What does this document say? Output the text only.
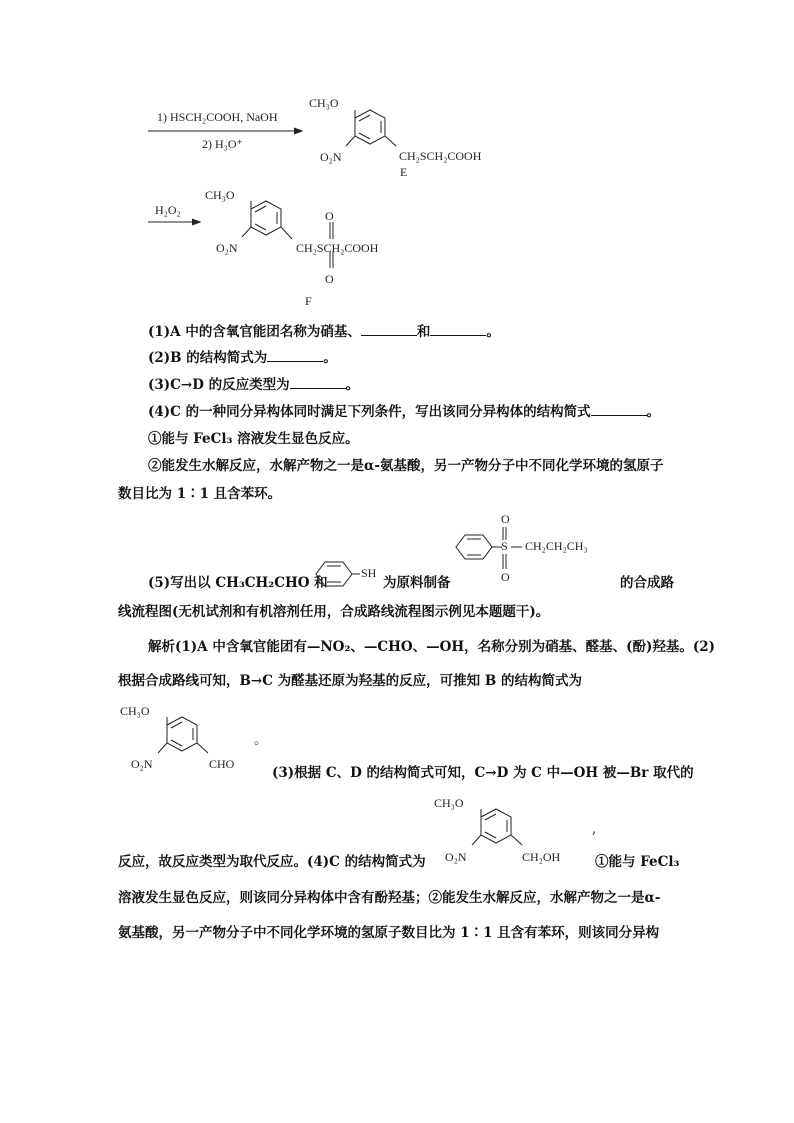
1) HSCH₂COOH, NaOH
2) H₃O⁺
CH₃O
O₂N	CH₂SCH₂COOH
E
H₂O₂
CH₃O
O₂N
O
CH₂SCH₂COOH
O
F
(1)A 中的含氧官能团名称为硝基、	和	。
(2)B 的结构简式为	。
(3)C→D 的反应类型为	。
(4)C 的一种同分异构体同时满足下列条件，写出该同分异构体的结构简式	。
①能与 FeCl₃ 溶液发生显色反应。
②能发生水解反应，水解产物之一是α-氨基酸，另一产物分子中不同化学环境的氢原子
数目比为 1∶1 且含苯环。
(5)写出以 CH₃CH₂CHO 和
SH
为原料制备
O
S CH₂CH₂CH₃
O	的合成路
线流程图(无机试剂和有机溶剂任用，合成路线流程图示例见本题题干)。
解析(1)A 中含氧官能团有—NO₂、—CHO、—OH，名称分别为硝基、醛基、(酚)羟基。(2)
根据合成路线可知，B→C 为醛基还原为羟基的反应，可推知 B 的结构简式为
CH₃O
O₂N	CHO
。
(3)根据 C、D 的结构简式可知，C→D 为 C 中—OH 被—Br 取代的
CH₃O
O₂N	CH₂OH
,
反应，故反应类型为取代反应。(4)C 的结构简式为	①能与 FeCl₃
溶液发生显色反应，则该同分异构体中含有酚羟基；②能发生水解反应，水解产物之一是α-
氨基酸，另一产物分子中不同化学环境的氢原子数目比为 1∶1 且含有苯环，则该同分异构
